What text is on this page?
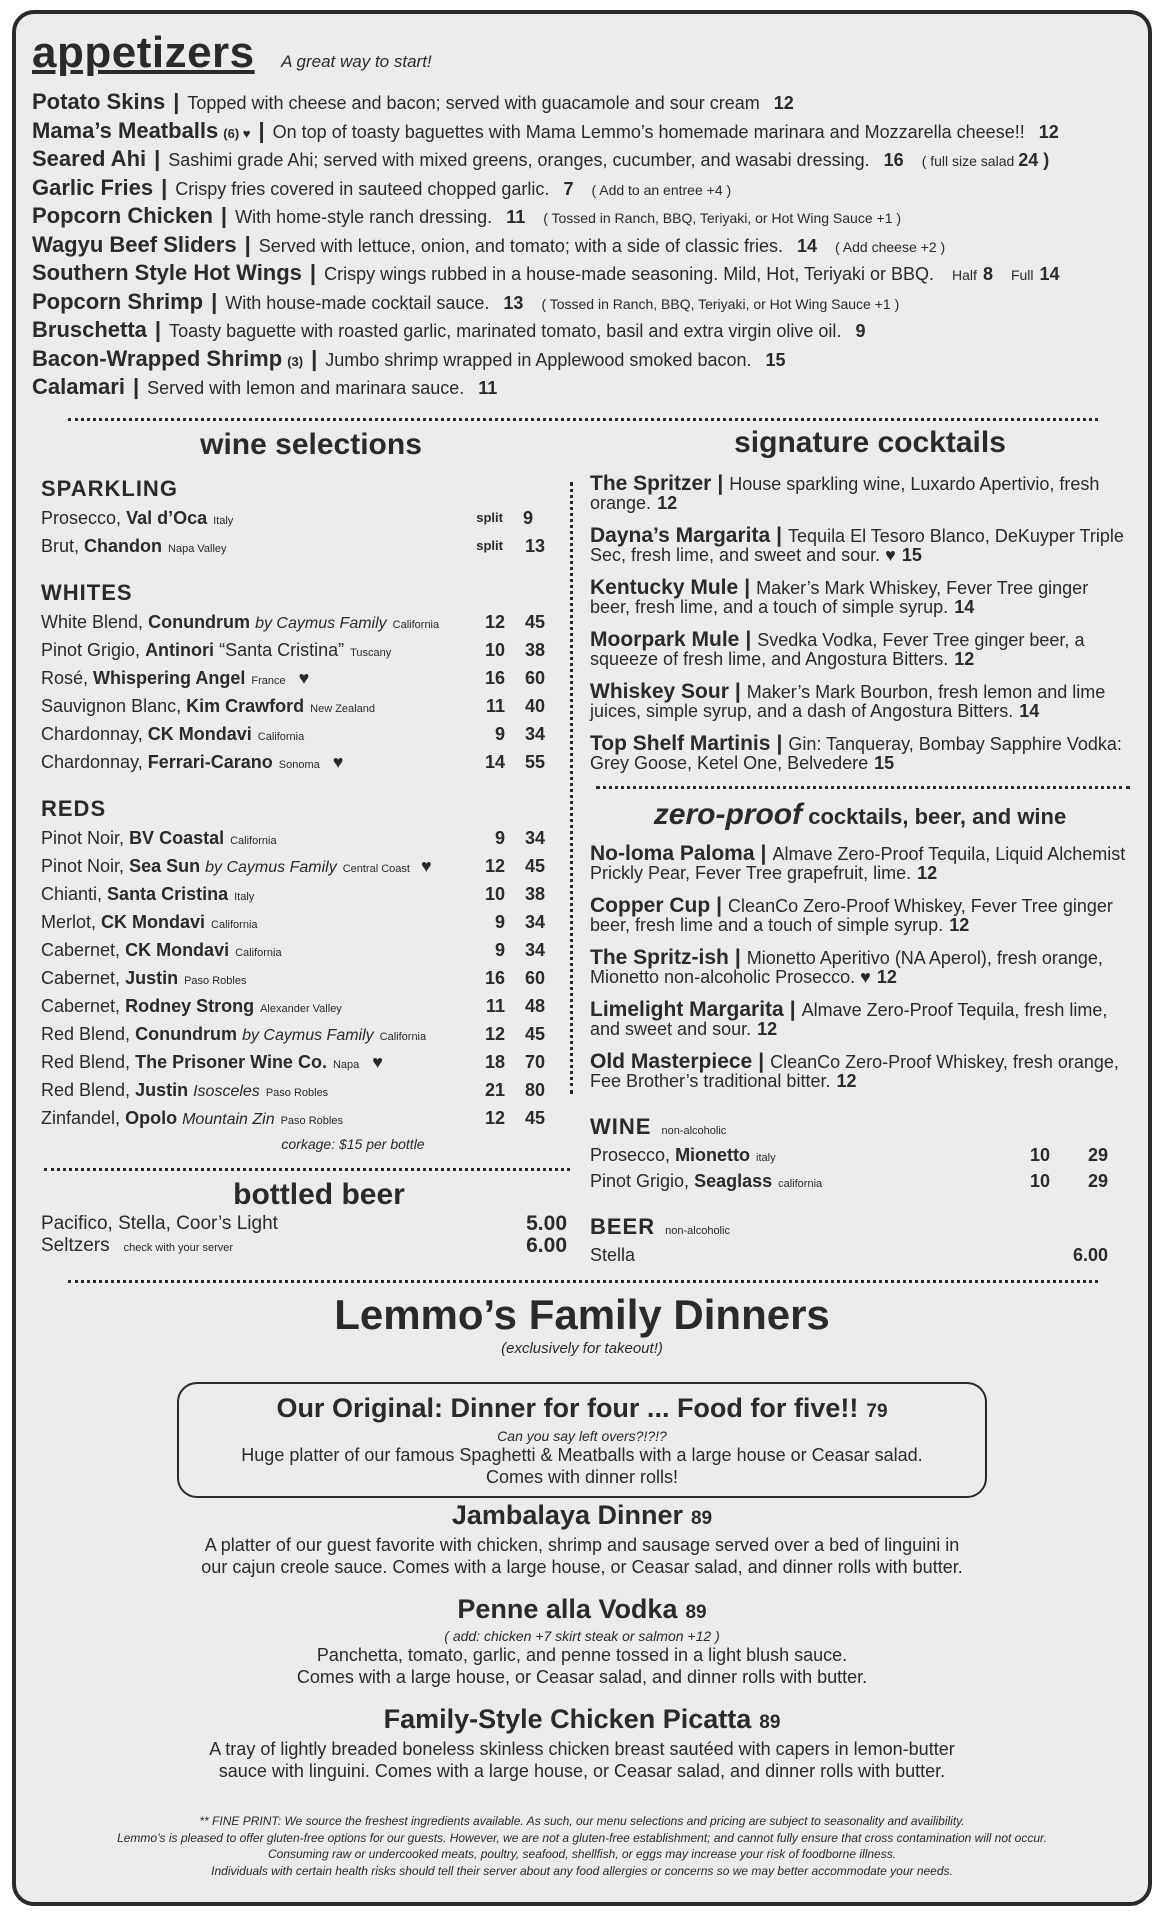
appetizers A great way to start!
Potato Skins | Topped with cheese and bacon; served with guacamole and sour cream 12
Mama’s Meatballs (6) ♥ | On top of toasty baguettes with Mama Lemmo’s homemade marinara and Mozzarella cheese!! 12
Seared Ahi | Sashimi grade Ahi; served with mixed greens, oranges, cucumber, and wasabi dressing. 16 ( full size salad 24 )
Garlic Fries | Crispy fries covered in sauteed chopped garlic. 7 ( Add to an entree +4 )
Popcorn Chicken | With home-style ranch dressing. 11 ( Tossed in Ranch, BBQ, Teriyaki, or Hot Wing Sauce +1 )
Wagyu Beef Sliders | Served with lettuce, onion, and tomato; with a side of classic fries. 14 ( Add cheese +2 )
Southern Style Hot Wings | Crispy wings rubbed in a house-made seasoning. Mild, Hot, Teriyaki or BBQ. Half 8 Full 14
Popcorn Shrimp | With house-made cocktail sauce. 13 ( Tossed in Ranch, BBQ, Teriyaki, or Hot Wing Sauce +1 )
Bruschetta | Toasty baguette with roasted garlic, marinated tomato, basil and extra virgin olive oil. 9
Bacon-Wrapped Shrimp (3) | Jumbo shrimp wrapped in Applewood smoked bacon. 15
Calamari | Served with lemon and marinara sauce. 11
wine selections	signature cocktails
SPARKLING
Prosecco, Val d’Oca Italy	split 9
Brut, Chandon Napa Valley	split 13
WHITES
White Blend, Conundrum by Caymus Family California	12 45
Pinot Grigio, Antinori “Santa Cristina” Tuscany	10 38
Rosé, Whispering Angel France ♥	16 60
Sauvignon Blanc, Kim Crawford New Zealand	11 40
Chardonnay, CK Mondavi California	9 34
Chardonnay, Ferrari-Carano Sonoma ♥	14 55
REDS
Pinot Noir, BV Coastal California	9 34
Pinot Noir, Sea Sun by Caymus Family Central Coast ♥	12 45
Chianti, Santa Cristina Italy	10 38
Merlot, CK Mondavi California	9 34
Cabernet, CK Mondavi California	9 34
Cabernet, Justin Paso Robles	16 60
Cabernet, Rodney Strong Alexander Valley	11 48
Red Blend, Conundrum by Caymus Family California	12 45
Red Blend, The Prisoner Wine Co. Napa ♥	18 70
Red Blend, Justin Isosceles Paso Robles	21 80
Zinfandel, Opolo Mountain Zin Paso Robles	12 45
corkage: $15 per bottle
bottled beer
Pacifico, Stella, Coor’s Light	5.00
Seltzers check with your server	6.00
The Spritzer | House sparkling wine, Luxardo Apertivio, fresh orange. 12
Dayna’s Margarita | Tequila El Tesoro Blanco, DeKuyper Triple Sec, fresh lime, and sweet and sour. ♥ 15
Kentucky Mule | Maker’s Mark Whiskey, Fever Tree ginger beer, fresh lime, and a touch of simple syrup. 14
Moorpark Mule | Svedka Vodka, Fever Tree ginger beer, a squeeze of fresh lime, and Angostura Bitters. 12
Whiskey Sour | Maker’s Mark Bourbon, fresh lemon and lime juices, simple syrup, and a dash of Angostura Bitters. 14
Top Shelf Martinis | Gin: Tanqueray, Bombay Sapphire Vodka: Grey Goose, Ketel One, Belvedere 15
zero-proof cocktails, beer, and wine
No-loma Paloma | Almave Zero-Proof Tequila, Liquid Alchemist Prickly Pear, Fever Tree grapefruit, lime. 12
Copper Cup | CleanCo Zero-Proof Whiskey, Fever Tree ginger beer, fresh lime and a touch of simple syrup. 12
The Spritz-ish | Mionetto Aperitivo (NA Aperol), fresh orange, Mionetto non-alcoholic Prosecco. ♥ 12
Limelight Margarita | Almave Zero-Proof Tequila, fresh lime, and sweet and sour. 12
Old Masterpiece | CleanCo Zero-Proof Whiskey, fresh orange, Fee Brother’s traditional bitter. 12
WINE non-alcoholic
Prosecco, Mionetto italy	10 29
Pinot Grigio, Seaglass california	10 29
BEER non-alcoholic
Stella	6.00
Lemmo’s Family Dinners
(exclusively for takeout!)
Our Original: Dinner for four ... Food for five!! 79
Can you say left overs?!?!?
Huge platter of our famous Spaghetti & Meatballs with a large house or Ceasar salad.
Comes with dinner rolls!
Jambalaya Dinner 89
A platter of our guest favorite with chicken, shrimp and sausage served over a bed of linguini in
our cajun creole sauce. Comes with a large house, or Ceasar salad, and dinner rolls with butter.
Penne alla Vodka 89
( add: chicken +7 skirt steak or salmon +12 )
Panchetta, tomato, garlic, and penne tossed in a light blush sauce.
Comes with a large house, or Ceasar salad, and dinner rolls with butter.
Family-Style Chicken Picatta 89
A tray of lightly breaded boneless skinless chicken breast sautéed with capers in lemon-butter
sauce with linguini. Comes with a large house, or Ceasar salad, and dinner rolls with butter.
** FINE PRINT: We source the freshest ingredients available. As such, our menu selections and pricing are subject to seasonality and availibility.
Lemmo’s is pleased to offer gluten-free options for our guests. However, we are not a gluten-free establishment; and cannot fully ensure that cross contamination will not occur.
Consuming raw or undercooked meats, poultry, seafood, shellfish, or eggs may increase your risk of foodborne illness.
Individuals with certain health risks should tell their server about any food allergies or concerns so we may better accommodate your needs.
